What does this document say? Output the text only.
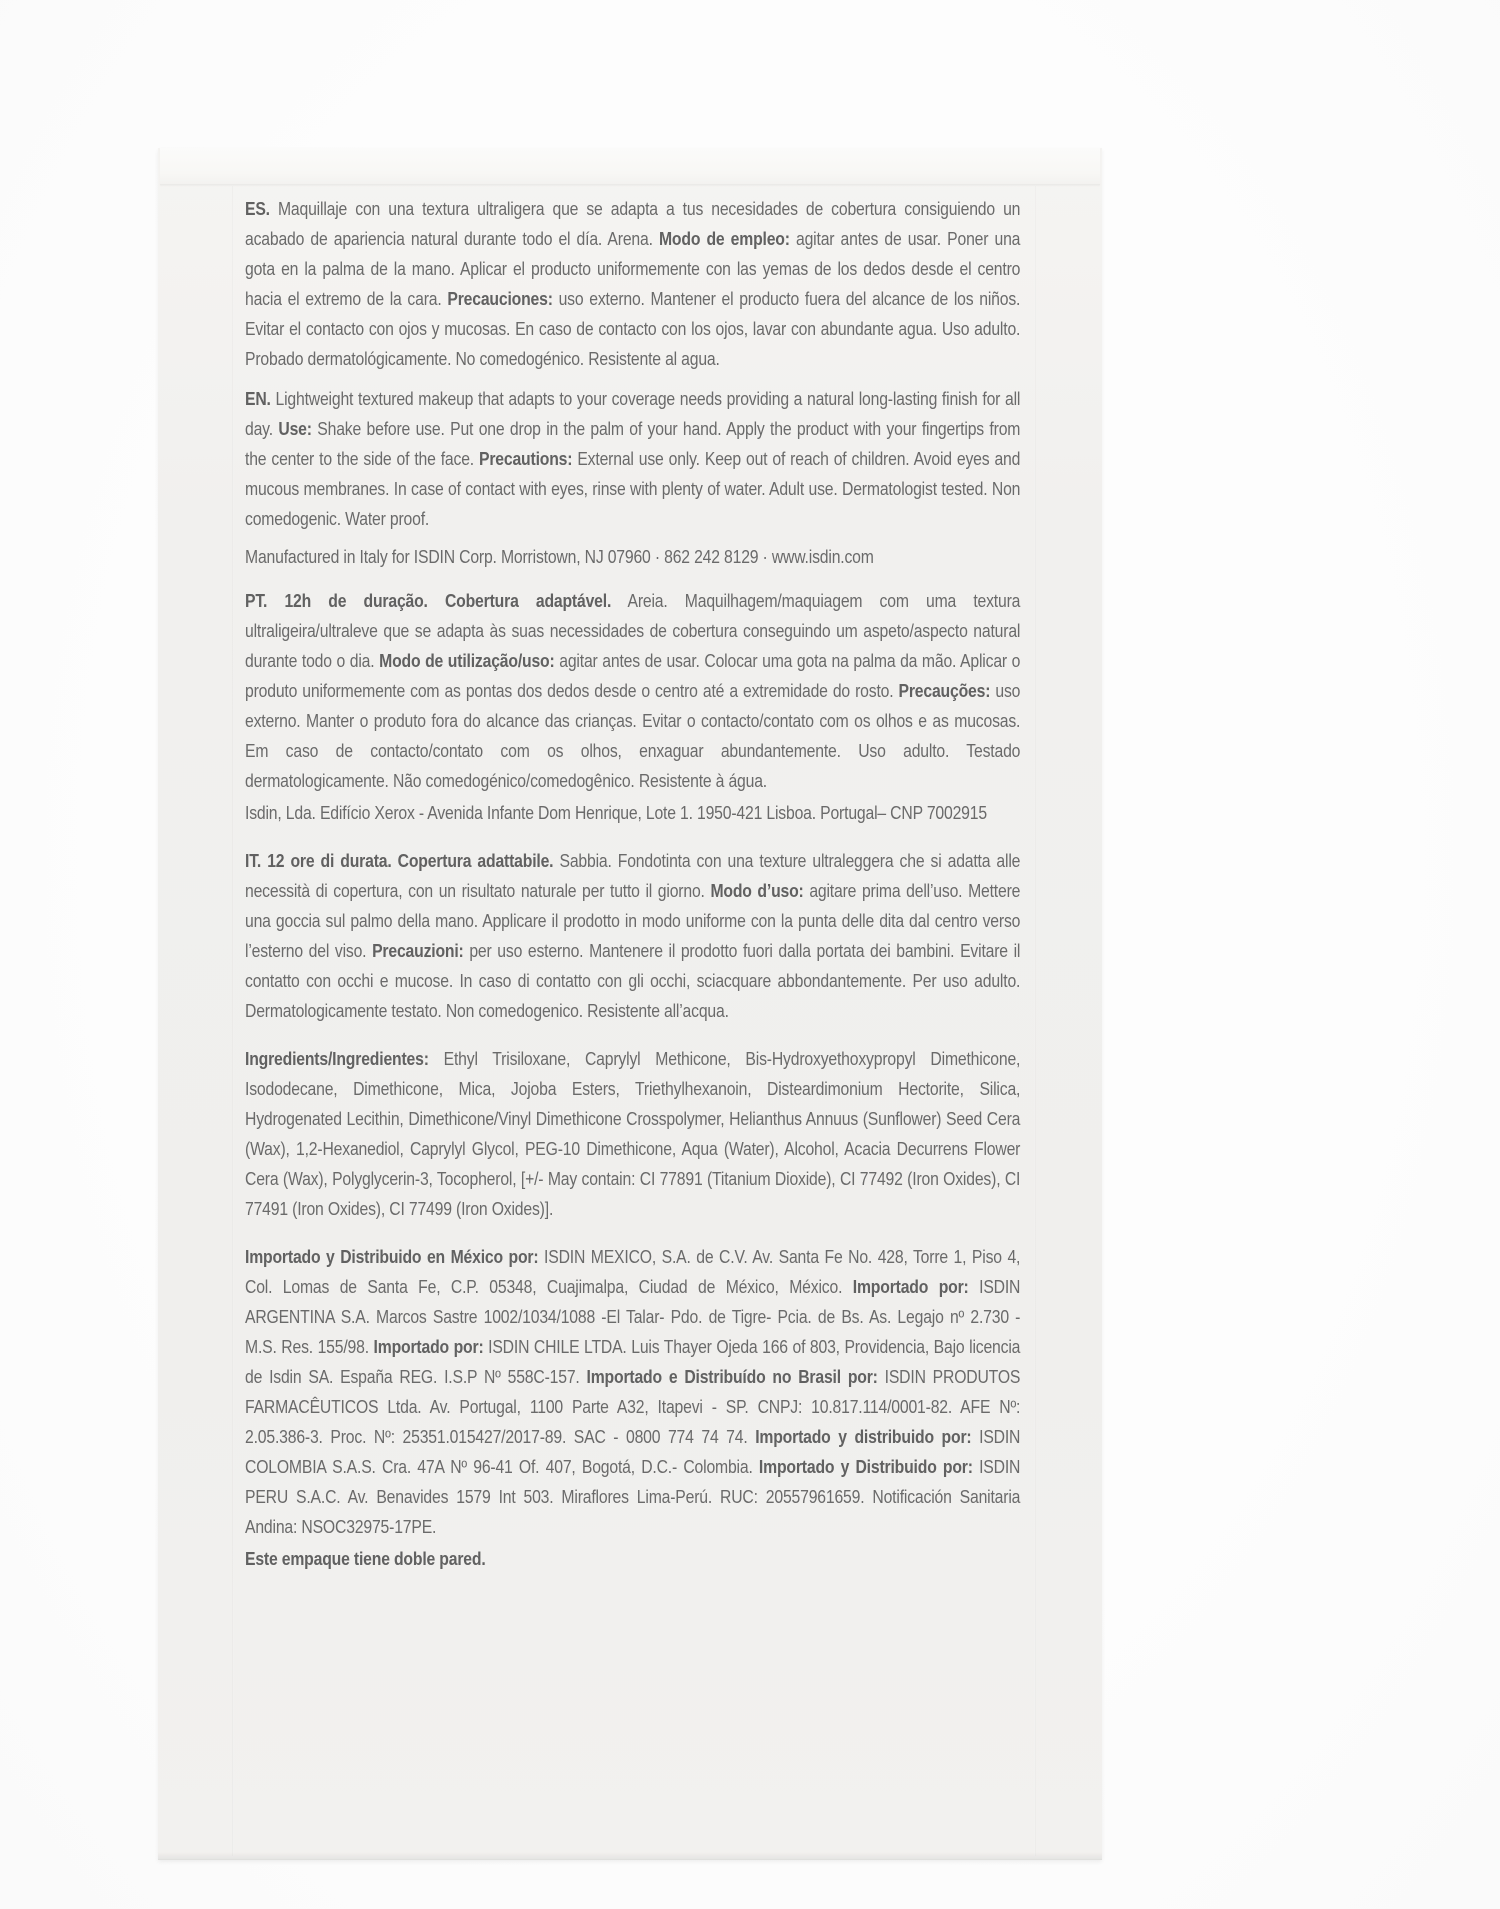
ES. Maquillaje con una textura ultraligera que se adapta a tus necesidades de cobertura consiguiendo un acabado de apariencia natural durante todo el día. Arena. Modo de empleo: agitar antes de usar. Poner una gota en la palma de la mano. Aplicar el producto uniformemente con las yemas de los dedos desde el centro hacia el extremo de la cara. Precauciones: uso externo. Mantener el producto fuera del alcance de los niños. Evitar el contacto con ojos y mucosas. En caso de contacto con los ojos, lavar con abundante agua. Uso adulto. Probado dermatológicamente. No comedogénico. Resistente al agua.

EN. Lightweight textured makeup that adapts to your coverage needs providing a natural long-lasting finish for all day. Use: Shake before use. Put one drop in the palm of your hand. Apply the product with your fingertips from the center to the side of the face. Precautions: External use only. Keep out of reach of children. Avoid eyes and mucous membranes. In case of contact with eyes, rinse with plenty of water. Adult use. Dermatologist tested. Non comedogenic. Water proof.

Manufactured in Italy for ISDIN Corp. Morristown, NJ 07960 · 862 242 8129 · www.isdin.com

PT. 12h de duração. Cobertura adaptável. Areia. Maquilhagem/maquiagem com uma textura ultraligeira/ultraleve que se adapta às suas necessidades de cobertura conseguindo um aspeto/aspecto natural durante todo o dia. Modo de utilização/uso: agitar antes de usar. Colocar uma gota na palma da mão. Aplicar o produto uniformemente com as pontas dos dedos desde o centro até a extremidade do rosto. Precauções: uso externo. Manter o produto fora do alcance das crianças. Evitar o contacto/contato com os olhos e as mucosas. Em caso de contacto/contato com os olhos, enxaguar abundantemente. Uso adulto. Testado dermatologicamente. Não comedogénico/comedogênico. Resistente à água.

Isdin, Lda. Edifício Xerox - Avenida Infante Dom Henrique, Lote 1. 1950-421 Lisboa. Portugal– CNP 7002915

IT. 12 ore di durata. Copertura adattabile. Sabbia. Fondotinta con una texture ultraleggera che si adatta alle necessità di copertura, con un risultato naturale per tutto il giorno. Modo d’uso: agitare prima dell’uso. Mettere una goccia sul palmo della mano. Applicare il prodotto in modo uniforme con la punta delle dita dal centro verso l’esterno del viso. Precauzioni: per uso esterno. Mantenere il prodotto fuori dalla portata dei bambini. Evitare il contatto con occhi e mucose. In caso di contatto con gli occhi, sciacquare abbondantemente. Per uso adulto. Dermatologicamente testato. Non comedogenico. Resistente all’acqua.

Ingredients/Ingredientes: Ethyl Trisiloxane, Caprylyl Methicone, Bis-Hydroxyethoxypropyl Dimethicone, Isododecane, Dimethicone, Mica, Jojoba Esters, Triethylhexanoin, Disteardimonium Hectorite, Silica, Hydrogenated Lecithin, Dimethicone/Vinyl Dimethicone Crosspolymer, Helianthus Annuus (Sunflower) Seed Cera (Wax), 1,2-Hexanediol, Caprylyl Glycol, PEG-10 Dimethicone, Aqua (Water), Alcohol, Acacia Decurrens Flower Cera (Wax), Polyglycerin-3, Tocopherol, [+/- May contain: CI 77891 (Titanium Dioxide), CI 77492 (Iron Oxides), CI 77491 (Iron Oxides), CI 77499 (Iron Oxides)].

Importado y Distribuido en México por: ISDIN MEXICO, S.A. de C.V. Av. Santa Fe No. 428, Torre 1, Piso 4, Col. Lomas de Santa Fe, C.P. 05348, Cuajimalpa, Ciudad de México, México. Importado por: ISDIN ARGENTINA S.A. Marcos Sastre 1002/1034/1088 -El Talar- Pdo. de Tigre- Pcia. de Bs. As. Legajo nº 2.730 - M.S. Res. 155/98. Importado por: ISDIN CHILE LTDA. Luis Thayer Ojeda 166 of 803, Providencia, Bajo licencia de Isdin SA. España REG. I.S.P Nº 558C-157. Importado e Distribuído no Brasil por: ISDIN PRODUTOS FARMACÊUTICOS Ltda. Av. Portugal, 1100 Parte A32, Itapevi - SP. CNPJ: 10.817.114/0001-82. AFE Nº: 2.05.386-3. Proc. Nº: 25351.015427/2017-89. SAC - 0800 774 74 74. Importado y distribuido por: ISDIN COLOMBIA S.A.S. Cra. 47A Nº 96-41 Of. 407, Bogotá, D.C.- Colombia. Importado y Distribuido por: ISDIN PERU S.A.C. Av. Benavides 1579 Int 503. Miraflores Lima-Perú. RUC: 20557961659. Notificación Sanitaria Andina: NSOC32975-17PE.

Este empaque tiene doble pared.
